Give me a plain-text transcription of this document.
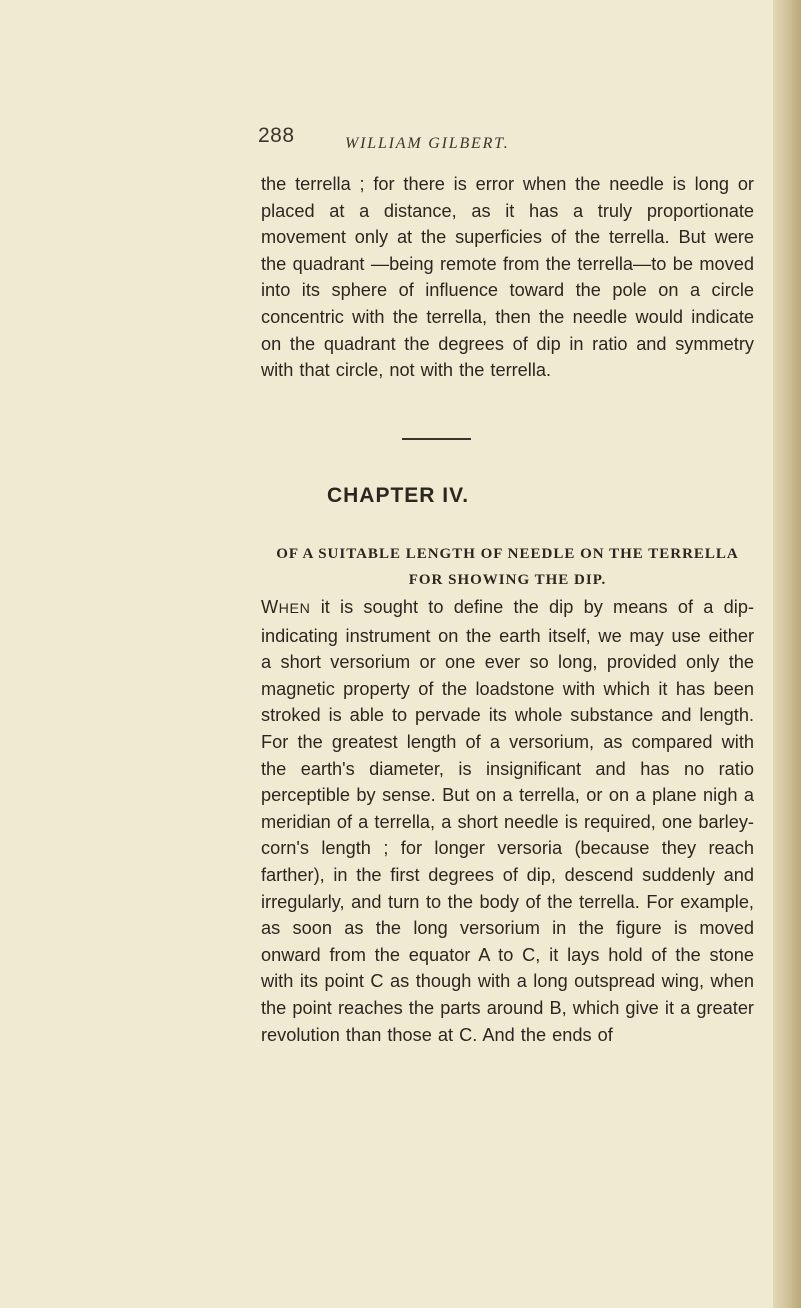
288	WILLIAM GILBERT.

the terrella ; for there is error when the needle is long or placed at a distance, as it has a truly proportionate movement only at the superficies of the terrella. But were the quadrant —being remote from the terrella—to be moved into its sphere of influence toward the pole on a circle concentric with the terrella, then the needle would indicate on the quadrant the degrees of dip in ratio and symmetry with that circle, not with the terrella.

CHAPTER IV.
OF A SUITABLE LENGTH OF NEEDLE ON THE TERRELLA FOR SHOWING THE DIP.

WHEN it is sought to define the dip by means of a dip-indicating instrument on the earth itself, we may use either a short versorium or one ever so long, provided only the magnetic property of the loadstone with which it has been stroked is able to pervade its whole substance and length. For the greatest length of a versorium, as compared with the earth's diameter, is insignificant and has no ratio perceptible by sense. But on a terrella, or on a plane nigh a meridian of a terrella, a short needle is required, one barley-corn's length ; for longer versoria (because they reach farther), in the first degrees of dip, descend suddenly and irregularly, and turn to the body of the terrella. For example, as soon as the long versorium in the figure is moved onward from the equator A to C, it lays hold of the stone with its point C as though with a long outspread wing, when the point reaches the parts around B, which give it a greater revolution than those at C. And the ends of
